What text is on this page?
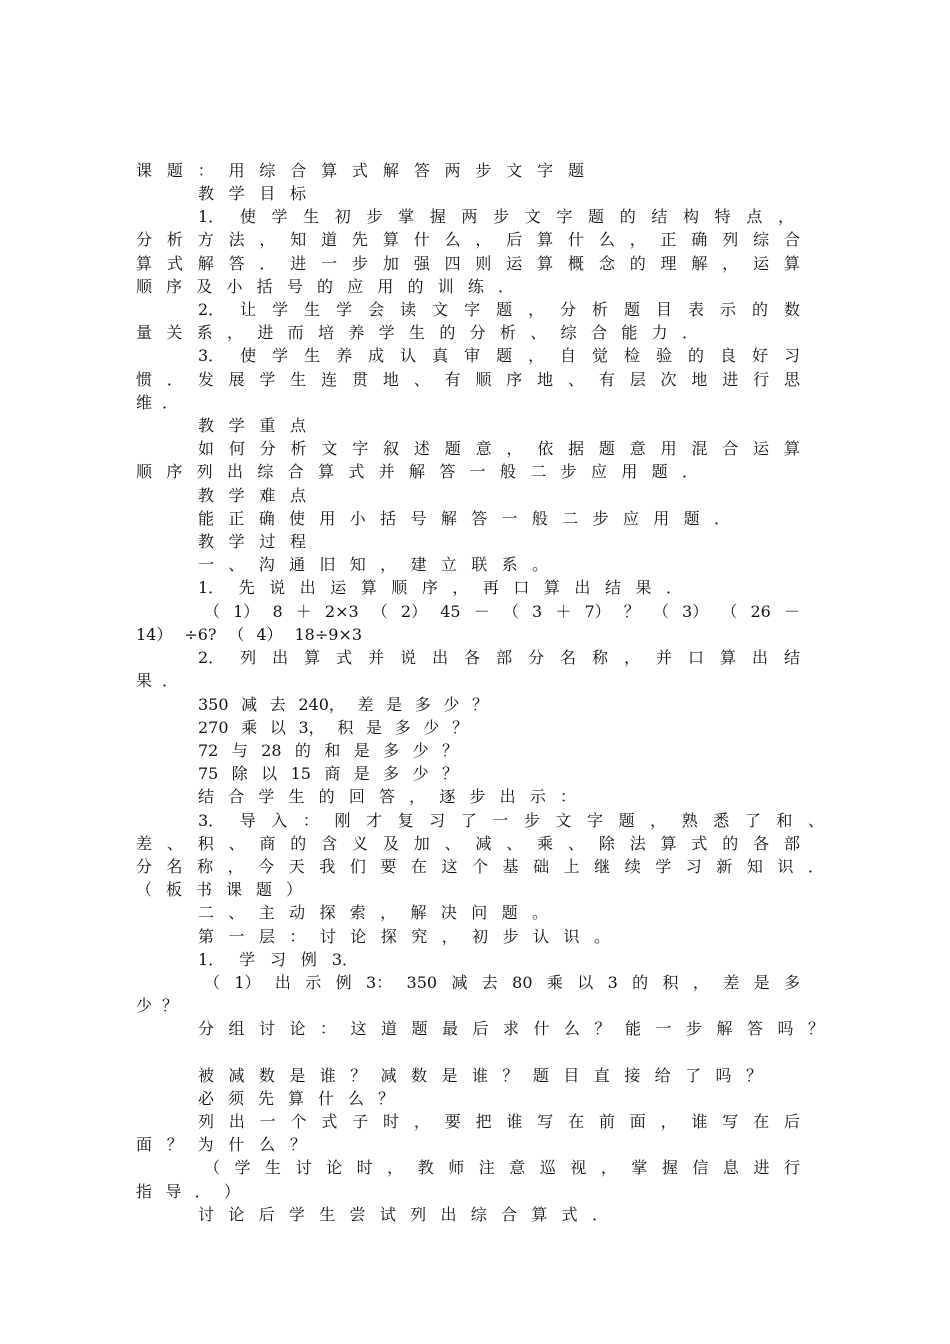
课 题 ： 用 综 合 算 式 解 答 两 步 文 字 题
教 学 目 标
1． 使 学 生 初 步 掌 握 两 步 文 字 题 的 结 构 特 点 ，
分 析 方 法 ， 知 道 先 算 什 么 ， 后 算 什 么 ， 正 确 列 综 合
算 式 解 答 ． 进 一 步 加 强 四 则 运 算 概 念 的 理 解 ， 运 算
顺 序 及 小 括 号 的 应 用 的 训 练 ．
2． 让 学 生 学 会 读 文 字 题 ， 分 析 题 目 表 示 的 数
量 关 系 ， 进 而 培 养 学 生 的 分 析 、 综 合 能 力 ．
3． 使 学 生 养 成 认 真 审 题 ， 自 觉 检 验 的 良 好 习
惯 ． 发 展 学 生 连 贯 地 、 有 顺 序 地 、 有 层 次 地 进 行 思
维 ．
教 学 重 点
如 何 分 析 文 字 叙 述 题 意 ， 依 据 题 意 用 混 合 运 算
顺 序 列 出 综 合 算 式 并 解 答 一 般 二 步 应 用 题 ．
教 学 难 点
能 正 确 使 用 小 括 号 解 答 一 般 二 步 应 用 题 ．
教 学 过 程
一 、 沟 通 旧 知 ， 建 立 联 系 。
1． 先 说 出 运 算 顺 序 ， 再 口 算 出 结 果 ．
（ 1） 8 ＋ 2×3 （ 2） 45 － （ 3 ＋ 7） ？ （ 3） （ 26 －
14） ÷6? （ 4） 18÷9×3
2． 列 出 算 式 并 说 出 各 部 分 名 称 ， 并 口 算 出 结
果 ．
350 减 去 240， 差 是 多 少 ？
270 乘 以 3， 积 是 多 少 ？
72 与 28 的 和 是 多 少 ？
75 除 以 15 商 是 多 少 ？
结 合 学 生 的 回 答 ， 逐 步 出 示 ：
3． 导 入 ： 刚 才 复 习 了 一 步 文 字 题 ， 熟 悉 了 和 、
差 、 积 、 商 的 含 义 及 加 、 减 、 乘 、 除 法 算 式 的 各 部
分 名 称 ， 今 天 我 们 要 在 这 个 基 础 上 继 续 学 习 新 知 识 ．
（ 板 书 课 题 ）
二 、 主 动 探 索 ， 解 决 问 题 。
第 一 层 ： 讨 论 探 究 ， 初 步 认 识 。
1． 学 习 例 3．
（ 1） 出 示 例 3： 350 减 去 80 乘 以 3 的 积 ， 差 是 多
少 ？
分 组 讨 论 ： 这 道 题 最 后 求 什 么 ？ 能 一 步 解 答 吗 ？
被 减 数 是 谁 ？ 减 数 是 谁 ？ 题 目 直 接 给 了 吗 ？
必 须 先 算 什 么 ？
列 出 一 个 式 子 时 ， 要 把 谁 写 在 前 面 ， 谁 写 在 后
面 ？ 为 什 么 ？
（ 学 生 讨 论 时 ， 教 师 注 意 巡 视 ， 掌 握 信 息 进 行
指 导 ． ）
讨 论 后 学 生 尝 试 列 出 综 合 算 式 ．
